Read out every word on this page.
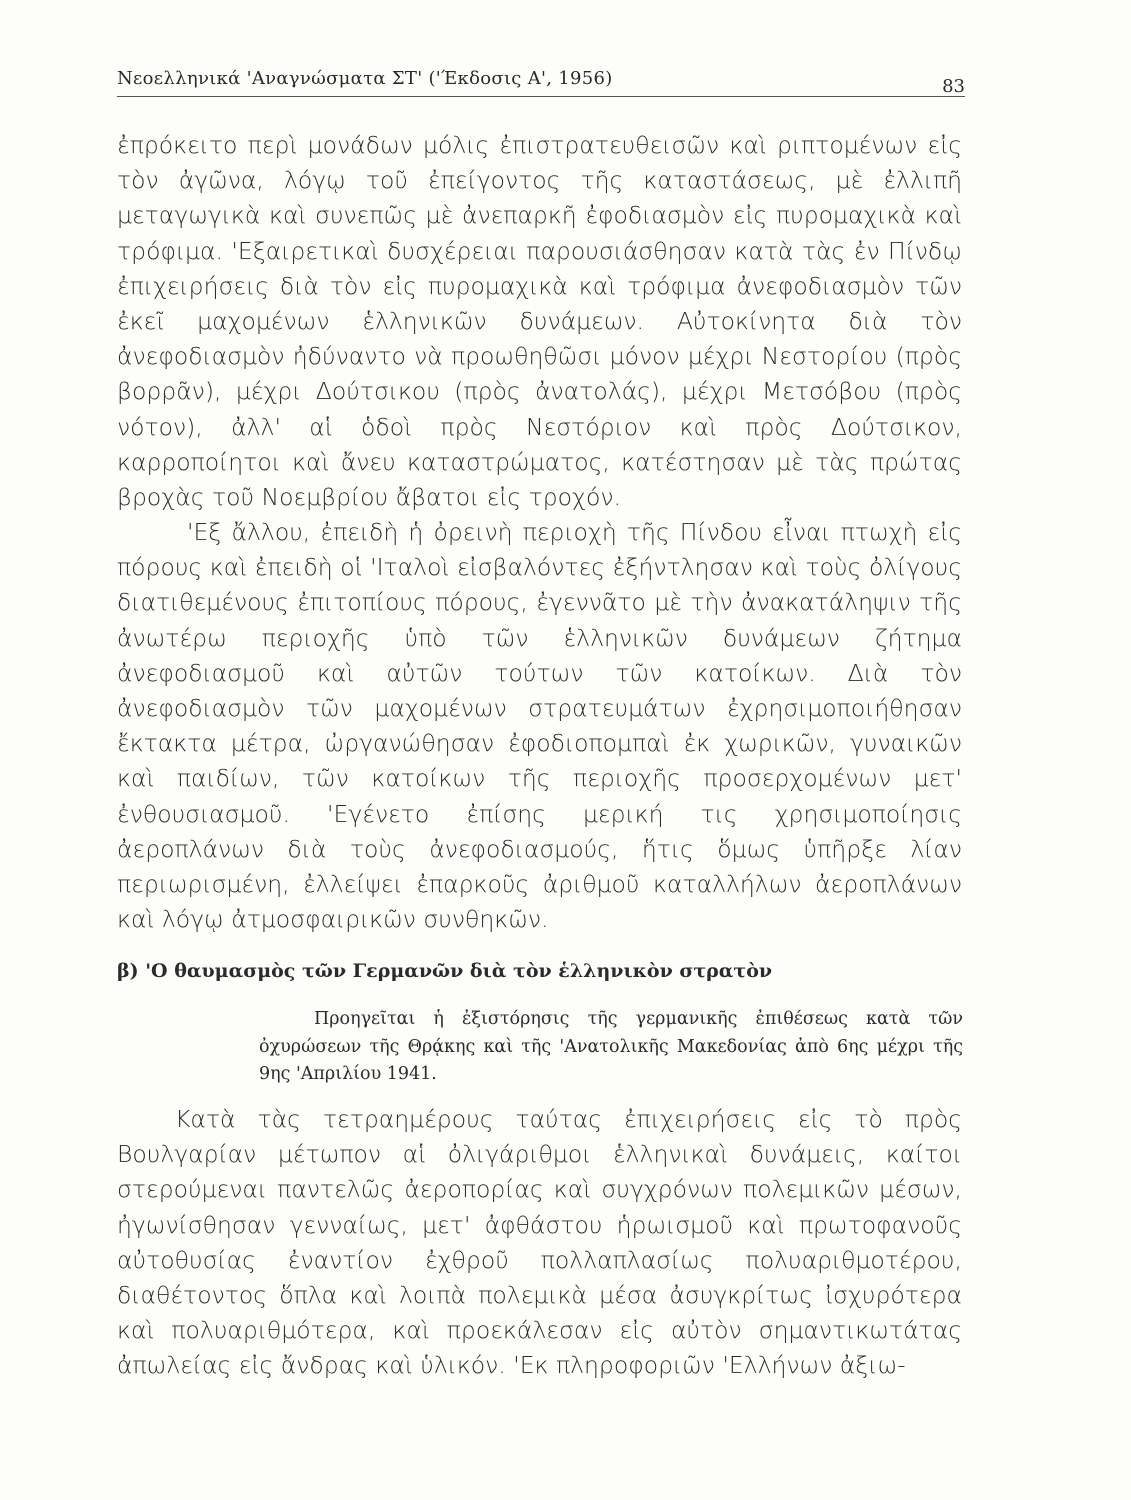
Νεοελληνικά 'Αναγνώσματα ΣΤ' ('Έκδοσις Α', 1956)	83

ἐπρόκειτο περὶ μονάδων μόλις ἐπιστρατευθεισῶν καὶ ριπτομένων εἰς τὸν ἀγῶνα, λόγῳ τοῦ ἐπείγοντος τῆς καταστάσεως, μὲ ἐλλιπῆ μεταγωγικὰ καὶ συνεπῶς μὲ ἀνεπαρκῆ ἐφοδιασμὸν εἰς πυρομαχικὰ καὶ τρόφιμα. 'Εξαιρετικαὶ δυσχέρειαι παρουσιάσθησαν κατὰ τὰς ἐν Πίνδῳ ἐπιχειρήσεις διὰ τὸν εἰς πυρομαχικὰ καὶ τρόφιμα ἀνεφοδιασμὸν τῶν ἐκεῖ μαχομένων ἑλληνικῶν δυνάμεων. Αὐτοκίνητα διὰ τὸν ἀνεφοδιασμὸν ἠδύναντο νὰ προωθηθῶσι μόνον μέχρι Νεστορίου (πρὸς βορρᾶν), μέχρι Δούτσικου (πρὸς ἀνατολάς), μέχρι Μετσόβου (πρὸς νότον), ἀλλ' αἱ ὁδοὶ πρὸς Νεστόριον καὶ πρὸς Δούτσικον, καρροποίητοι καὶ ἄνευ καταστρώματος, κατέστησαν μὲ τὰς πρώτας βροχὰς τοῦ Νοεμβρίου ἄβατοι εἰς τροχόν.

'Εξ ἄλλου, ἐπειδὴ ἡ ὀρεινὴ περιοχὴ τῆς Πίνδου εἶναι πτωχὴ εἰς πόρους καὶ ἐπειδὴ οἱ 'Ιταλοὶ εἰσβαλόντες ἐξήντλησαν καὶ τοὺς ὀλίγους διατιθεμένους ἐπιτοπίους πόρους, ἐγεννᾶτο μὲ τὴν ἀνακατάληψιν τῆς ἀνωτέρω περιοχῆς ὑπὸ τῶν ἑλληνικῶν δυνάμεων ζήτημα ἀνεφοδιασμοῦ καὶ αὐτῶν τούτων τῶν κατοίκων. Διὰ τὸν ἀνεφοδιασμὸν τῶν μαχομένων στρατευμάτων ἐχρησιμοποιήθησαν ἔκτακτα μέτρα, ὠργανώθησαν ἐφοδιοπομπαὶ ἐκ χωρικῶν, γυναικῶν καὶ παιδίων, τῶν κατοίκων τῆς περιοχῆς προσερχομένων μετ' ἐνθουσιασμοῦ. 'Εγένετο ἐπίσης μερική τις χρησιμοποίησις ἀεροπλάνων διὰ τοὺς ἀνεφοδιασμούς, ἥτις ὅμως ὑπῆρξε λίαν περιωρισμένη, ἐλλείψει ἐπαρκοῦς ἀριθμοῦ καταλλήλων ἀεροπλάνων καὶ λόγῳ ἀτμοσφαιρικῶν συνθηκῶν.

β) 'Ο θαυμασμὸς τῶν Γερμανῶν διὰ τὸν ἑλληνικὸν στρατὸν
Προηγεῖται ἡ ἐξιστόρησις τῆς γερμανικῆς ἐπιθέσεως κατὰ τῶν ὀχυρώσεων τῆς Θρᾴκης καὶ τῆς 'Ανατολικῆς Μακεδονίας ἀπὸ 6ης μέχρι τῆς 9ης 'Απριλίου 1941.

Κατὰ τὰς τετραημέρους ταύτας ἐπιχειρήσεις εἰς τὸ πρὸς Βουλγαρίαν μέτωπον αἱ ὀλιγάριθμοι ἑλληνικαὶ δυνάμεις, καίτοι στερούμεναι παντελῶς ἀεροπορίας καὶ συγχρόνων πολεμικῶν μέσων, ἠγωνίσθησαν γενναίως, μετ' ἀφθάστου ἡρωισμοῦ καὶ πρωτοφανοῦς αὐτοθυσίας ἐναντίον ἐχθροῦ πολλαπλασίως πολυαριθμοτέρου, διαθέτοντος ὅπλα καὶ λοιπὰ πολεμικὰ μέσα ἀσυγκρίτως ἰσχυρότερα καὶ πολυαριθμότερα, καὶ προεκάλεσαν εἰς αὐτὸν σημαντικωτάτας ἀπωλείας εἰς ἄνδρας καὶ ὑλικόν. 'Εκ πληροφοριῶν 'Ελλήνων ἀξιω-
